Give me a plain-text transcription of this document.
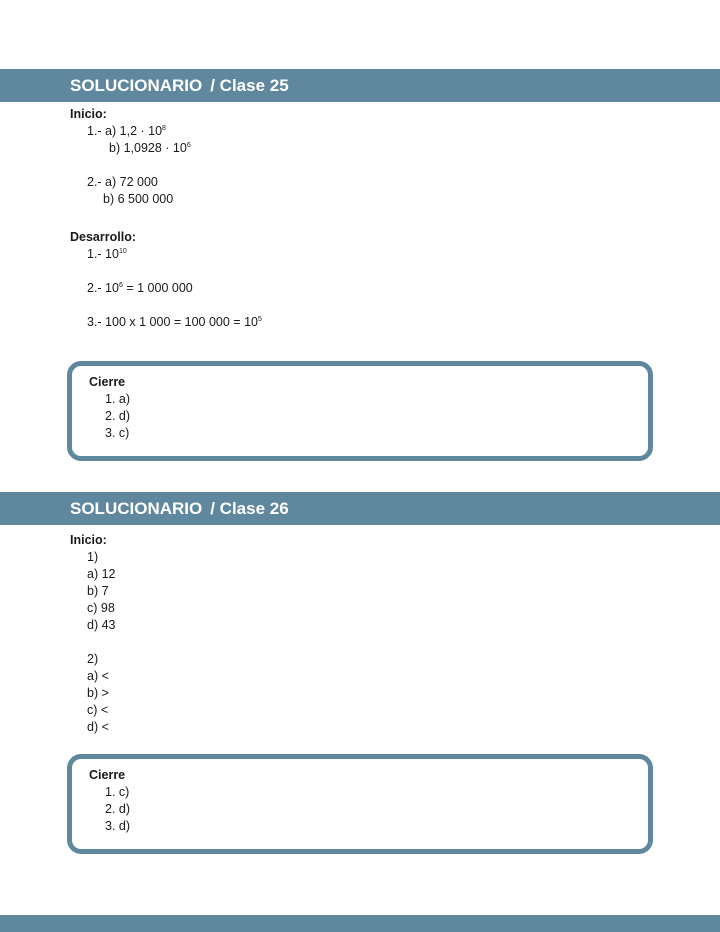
SOLUCIONARIO / Clase 25
Inicio:
1.- a) $1,2 \cdot 10^8$
b) $1,0928 \cdot 10^6$
2.- a) 72 000
b) 6 500 000
Desarrollo:
1.- $10^{10}$
2.- $10^6 = 1$ 000 000
3.- 100 x 1 000 = 100 $000 = 10^5$
Cierre
1. a)
2. d)
3. c)
SOLUCIONARIO / Clase 26
Inicio:
1)
a) 12
b) 7
c) 98
d) 43
2)
a) <
b) >
c) <
d) <
Cierre
1. c)
2. d)
3. d)
